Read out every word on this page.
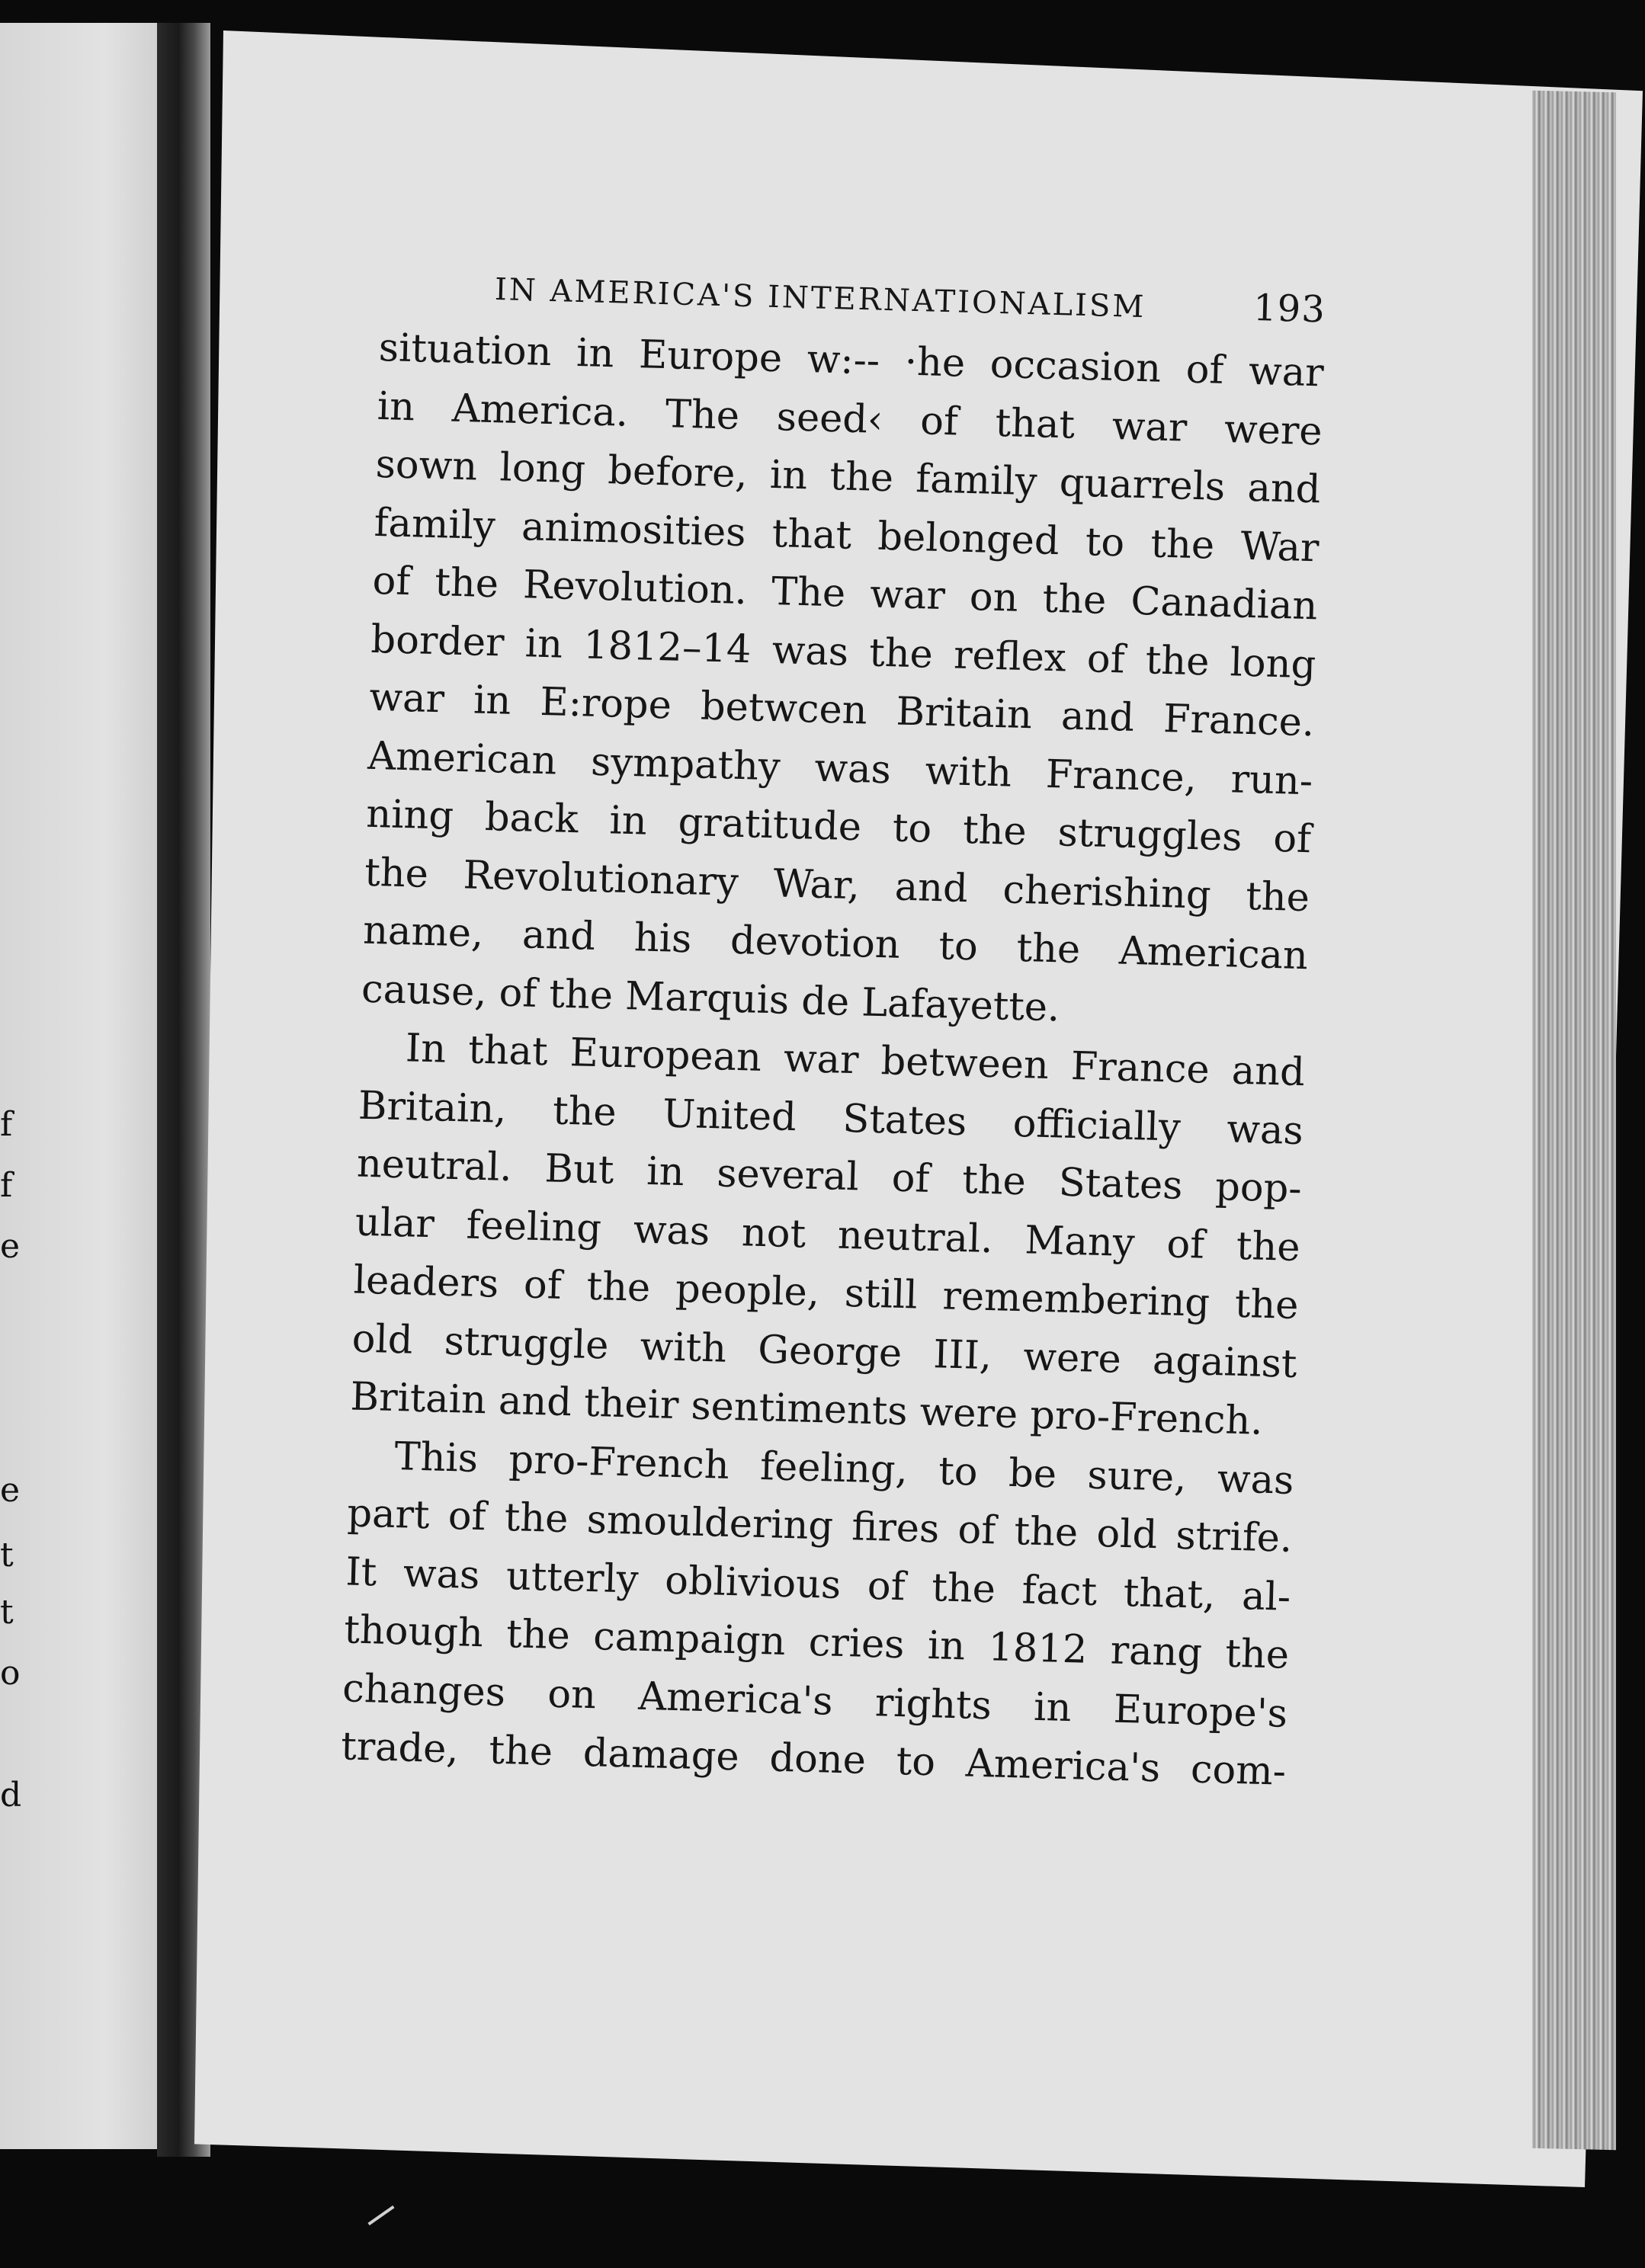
f
f
e
e
t
t
o
d
IN AMERICA'S INTERNATIONALISM	193
situation in Europe w:-- ·he occasion of war
in America. The seed‹ of that war were
sown long before, in the family quarrels and
family animosities that belonged to the War
of the Revolution. The war on the Canadian
border in 1812–14 was the reflex of the long
war in E:rope betwcen Britain and France.
American sympathy was with France, run-
ning back in gratitude to the struggles of
the Revolutionary War, and cherishing the
name, and his devotion to the American
cause, of the Marquis de Lafayette.
In that European war between France and
Britain, the United States officially was
neutral. But in several of the States pop-
ular feeling was not neutral. Many of the
leaders of the people, still remembering the
old struggle with George III, were against
Britain and their sentiments were pro-French.
This pro-French feeling, to be sure, was
part of the smouldering fires of the old strife.
It was utterly oblivious of the fact that, al-
though the campaign cries in 1812 rang the
changes on America's rights in Europe's
trade, the damage done to America's com-
